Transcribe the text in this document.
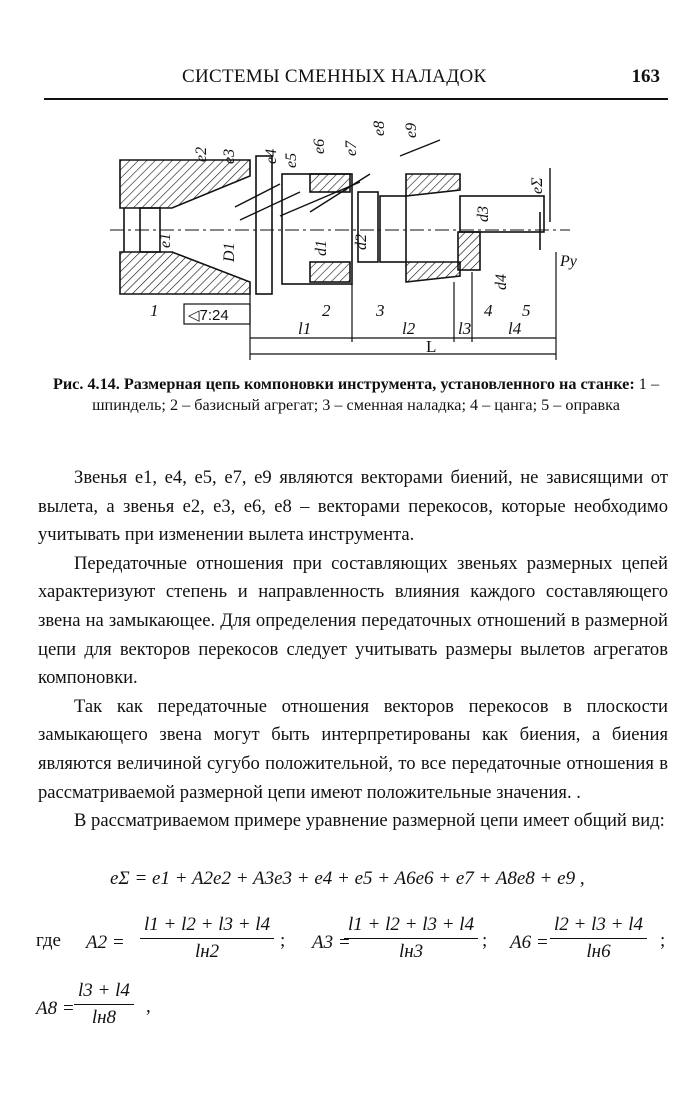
СИСТЕМЫ СМЕННЫХ НАЛАДОК	163
e2 e3 e4 e5
e6 e7
e8 e9
eΣ
e1
D1	d1 d2
d3
d4
Py
1	2	3	4 5
◁7:24
l1	l2	l3 l4
L
Рис. 4.14. Размерная цепь компоновки инструмента, установленного на станке: 1 – шпиндель; 2 – базисный агрегат; 3 – сменная наладка; 4 – цанга; 5 – оправка

Звенья e1, e4, e5, e7, e9 являются векторами биений, не зависящими от вылета, а звенья e2, e3, e6, e8 – векторами перекосов, которые необходимо учитывать при изменении вылета инструмента.

Передаточные отношения при составляющих звеньях размерных цепей характеризуют степень и направленность влияния каждого составляющего звена на замыкающее. Для определения передаточных отношений в размерной цепи для векторов перекосов следует учитывать размеры вылетов агрегатов компоновки.

Так как передаточные отношения векторов перекосов в плоскости замыкающего звена могут быть интерпретированы как биения, а биения являются величиной сугубо положительной, то все передаточные отношения в рассматриваемой размерной цепи имеют положительные значения. .

В рассматриваемом примере уравнение размерной цепи имеет общий вид:

eΣ = e1 + A2e2 + A3e3 + e4 + e5 + A6e6 + e7 + A8e8 + e9 ,
где A2 =
l1 + l2 + l3 + l4
lн2
; A3 =
l1 + l2 + l3 + l4
lн3
; A6 =
l2 + l3 + l4
lн6
;
A8 =
l3 + l4
lн8
,
